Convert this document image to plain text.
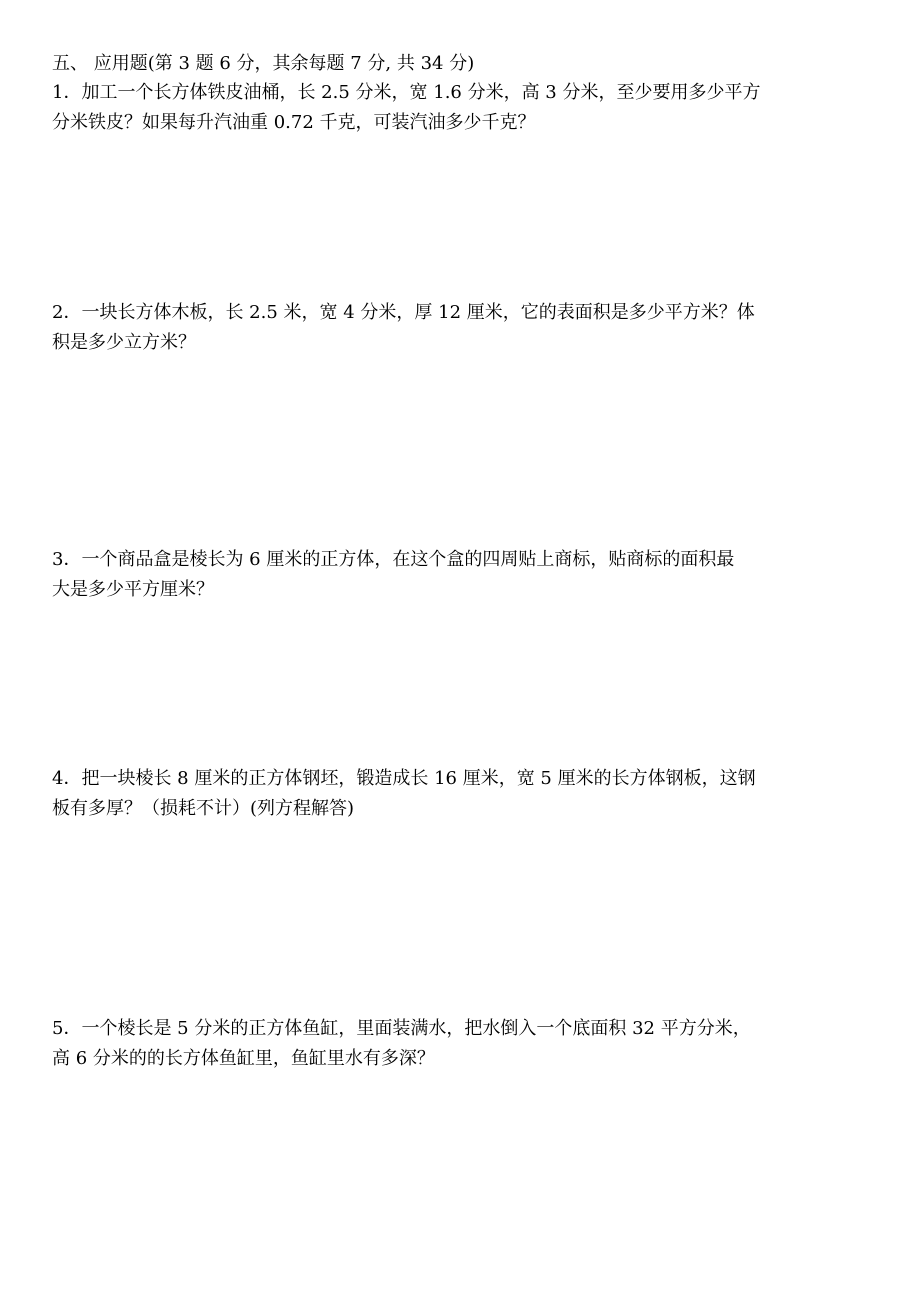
五、 应用题(第 3 题 6 分，其余每题 7 分, 共 34 分)

1．加工一个长方体铁皮油桶，长 2.5 分米，宽 1.6 分米，高 3 分米，至少要用多少平方

分米铁皮？如果每升汽油重 0.72 千克，可装汽油多少千克？

2．一块长方体木板，长 2.5 米，宽 4 分米，厚 12 厘米，它的表面积是多少平方米？体

积是多少立方米？

3．一个商品盒是棱长为 6 厘米的正方体，在这个盒的四周贴上商标，贴商标的面积最

大是多少平方厘米？

4．把一块棱长 8 厘米的正方体钢坯，锻造成长 16 厘米，宽 5 厘米的长方体钢板，这钢

板有多厚？（损耗不计）(列方程解答)

5．一个棱长是 5 分米的正方体鱼缸，里面装满水，把水倒入一个底面积 32 平方分米，

高 6 分米的的长方体鱼缸里，鱼缸里水有多深？
